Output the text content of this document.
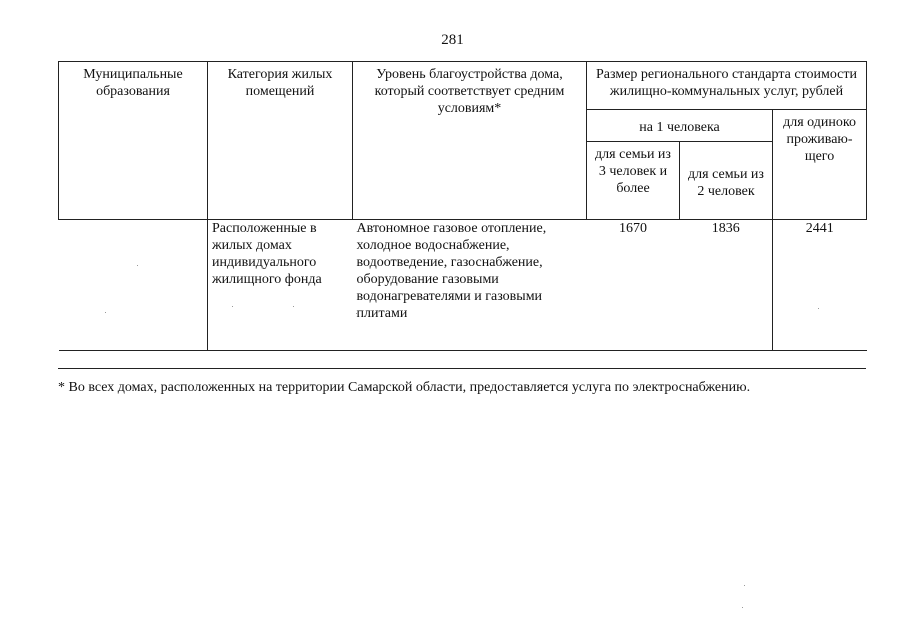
281
Муниципальные образования	Категория жилых помещений	Уровень благоустройства дома, который соответствует средним условиям*	Размер регионального стандарта стоимости жилищно-коммунальных услуг, рублей		
			на 1 человека		для одиноко проживаю-щего
			для семьи из 3 человек и более	для семьи из 2 человек	
	Расположенные в жилых домах индивидуального жилищного фонда	Автономное газовое отопление, холодное водоснабжение, водоотведение, газоснабжение, оборудование газовыми водонагревателями и газовыми плитами	1670	1836	2441
* Во всех домах, расположенных на территории Самарской области, предоставляется услуга по электроснабжению.
